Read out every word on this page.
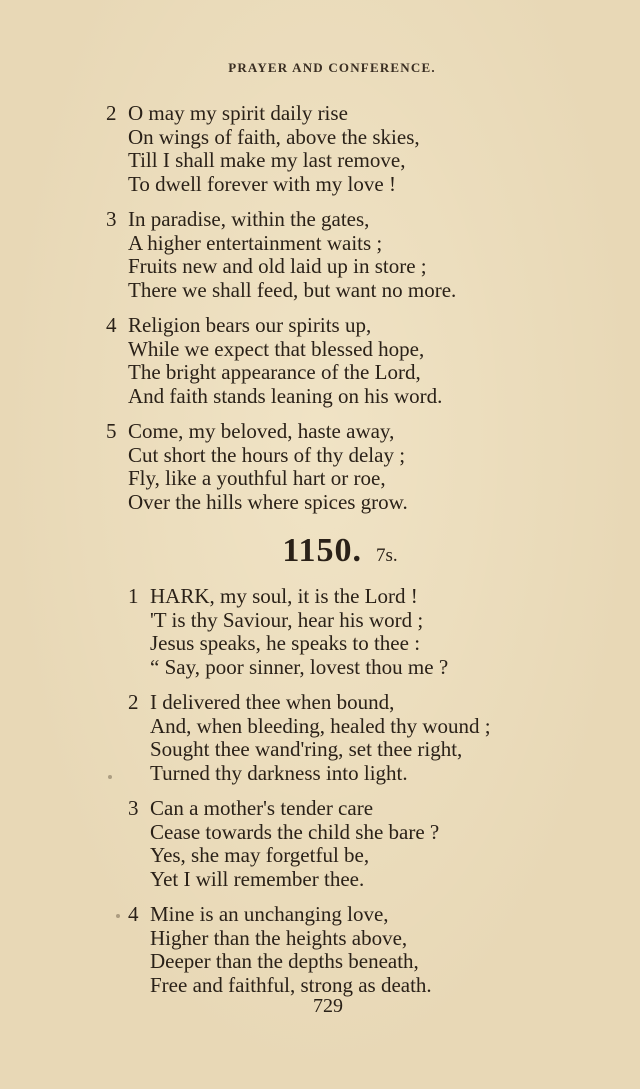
PRAYER AND CONFERENCE.
2 O may my spirit daily rise
On wings of faith, above the skies,
Till I shall make my last remove,
To dwell forever with my love !
3 In paradise, within the gates,
A higher entertainment waits ;
Fruits new and old laid up in store ;
There we shall feed, but want no more.
4 Religion bears our spirits up,
While we expect that blessed hope,
The bright appearance of the Lord,
And faith stands leaning on his word.
5 Come, my beloved, haste away,
Cut short the hours of thy delay ;
Fly, like a youthful hart or roe,
Over the hills where spices grow.
1150. 7s.
1 HARK, my soul, it is the Lord !
'T is thy Saviour, hear his word ;
Jesus speaks, he speaks to thee :
“ Say, poor sinner, lovest thou me ?
2 I delivered thee when bound,
And, when bleeding, healed thy wound ;
Sought thee wand'ring, set thee right,
Turned thy darkness into light.
3 Can a mother's tender care
Cease towards the child she bare ?
Yes, she may forgetful be,
Yet I will remember thee.
4 Mine is an unchanging love,
Higher than the heights above,
Deeper than the depths beneath,
Free and faithful, strong as death.
729
